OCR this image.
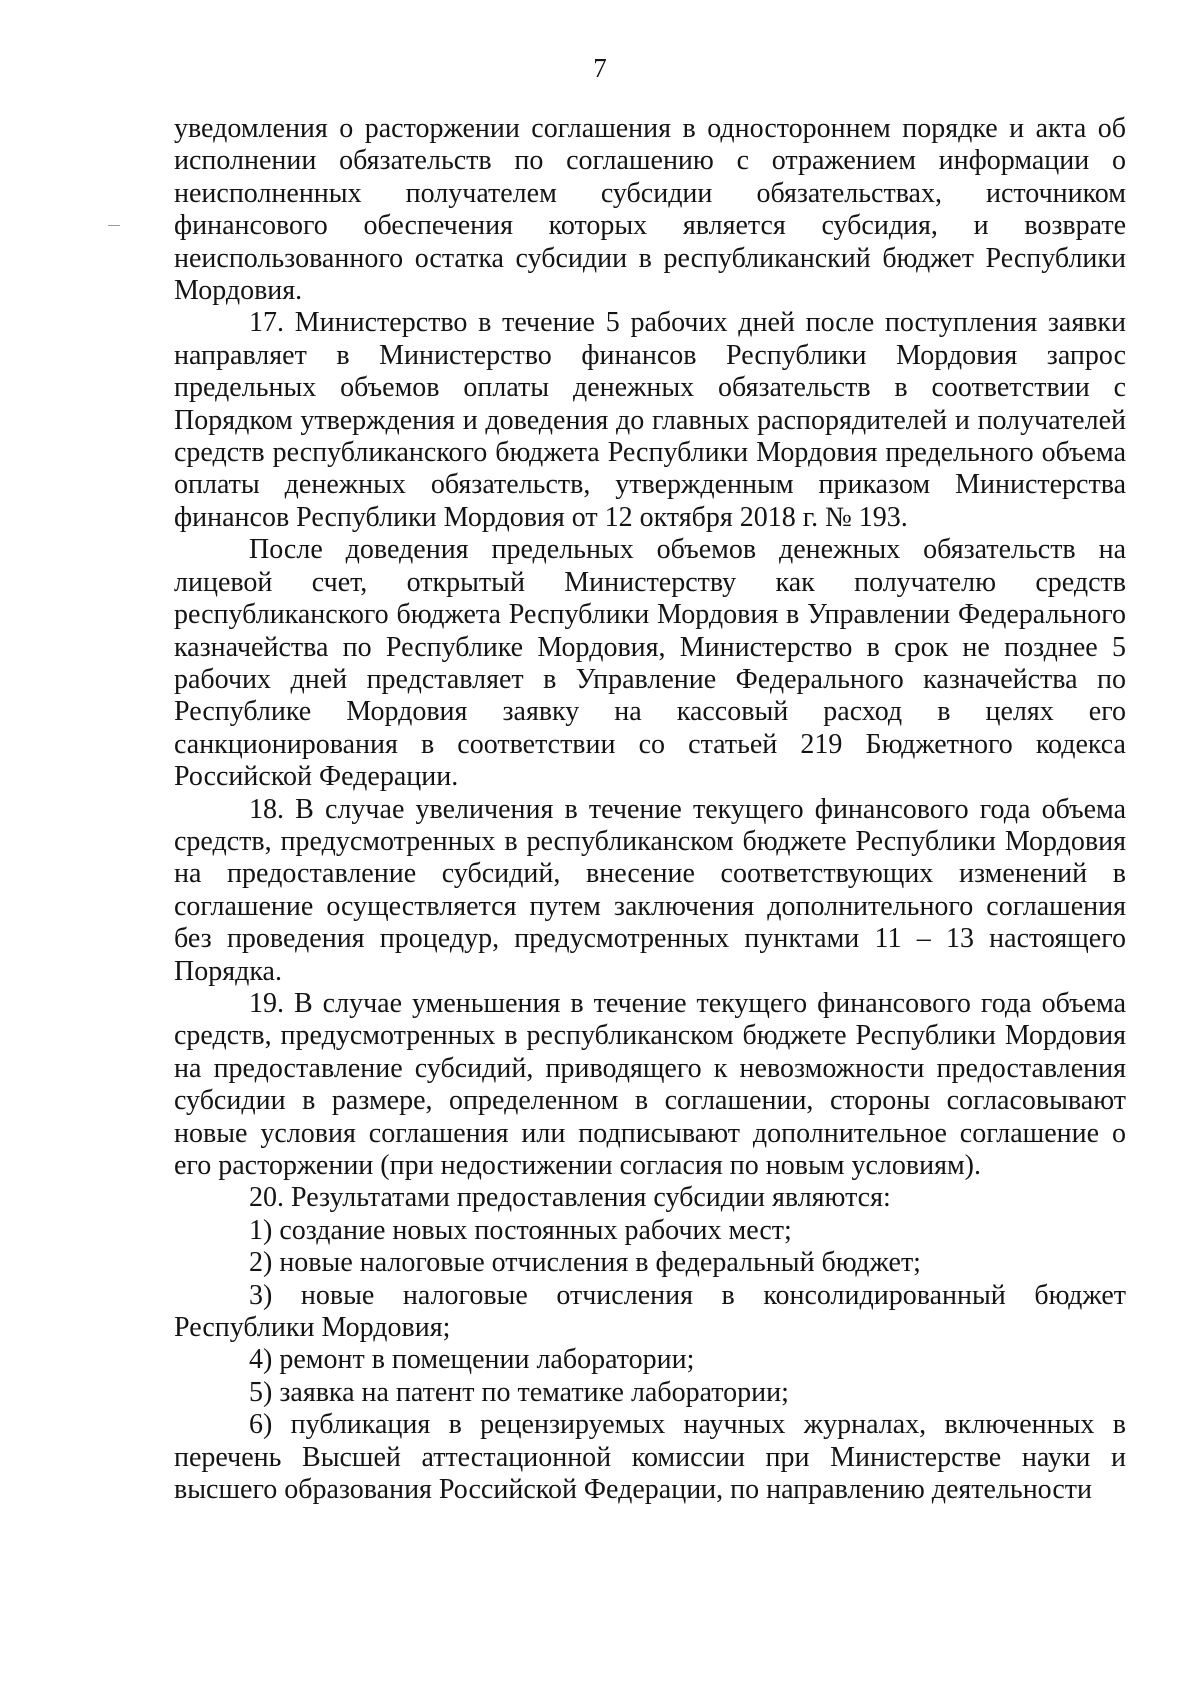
7

уведомления о расторжении соглашения в одностороннем порядке и акта об исполнении обязательств по соглашению с отражением информации о неисполненных получателем субсидии обязательствах, источником финансового обеспечения которых является субсидия, и возврате неиспользованного остатка субсидии в республиканский бюджет Республики Мордовия.

17. Министерство в течение 5 рабочих дней после поступления заявки направляет в Министерство финансов Республики Мордовия запрос предельных объемов оплаты денежных обязательств в соответствии с Порядком утверждения и доведения до главных распорядителей и получателей средств республиканского бюджета Республики Мордовия предельного объема оплаты денежных обязательств, утвержденным приказом Министерства финансов Республики Мордовия от 12 октября 2018 г. № 193.

После доведения предельных объемов денежных обязательств на лицевой счет, открытый Министерству как получателю средств республиканского бюджета Республики Мордовия в Управлении Федерального казначейства по Республике Мордовия, Министерство в срок не позднее 5 рабочих дней представляет в Управление Федерального казначейства по Республике Мордовия заявку на кассовый расход в целях его санкционирования в соответствии со статьей 219 Бюджетного кодекса Российской Федерации.

18. В случае увеличения в течение текущего финансового года объема средств, предусмотренных в республиканском бюджете Республики Мордовия на предоставление субсидий, внесение соответствующих изменений в соглашение осуществляется путем заключения дополнительного соглашения без проведения процедур, предусмотренных пунктами 11 – 13 настоящего Порядка.

19. В случае уменьшения в течение текущего финансового года объема средств, предусмотренных в республиканском бюджете Республики Мордовия на предоставление субсидий, приводящего к невозможности предоставления субсидии в размере, определенном в соглашении, стороны согласовывают новые условия соглашения или подписывают дополнительное соглашение о его расторжении (при недостижении согласия по новым условиям).

20. Результатами предоставления субсидии являются:

1) создание новых постоянных рабочих мест;

2) новые налоговые отчисления в федеральный бюджет;

3) новые налоговые отчисления в консолидированный бюджет Республики Мордовия;

4) ремонт в помещении лаборатории;

5) заявка на патент по тематике лаборатории;

6) публикация в рецензируемых научных журналах, включенных в перечень Высшей аттестационной комиссии при Министерстве науки и высшего образования Российской Федерации, по направлению деятельности
